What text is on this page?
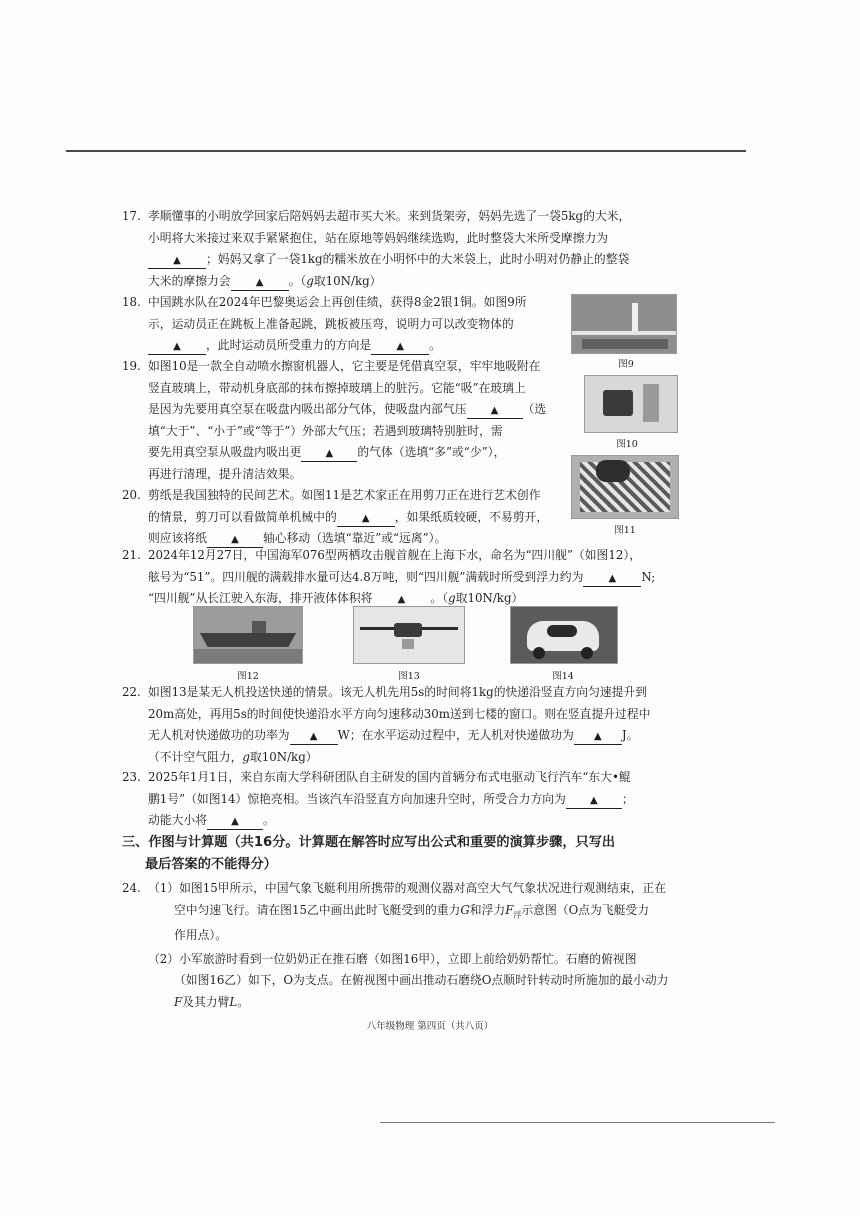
17. 孝顺懂事的小明放学回家后陪妈妈去超市买大米。来到货架旁，妈妈先选了一袋5kg的大米，
小明将大米接过来双手紧紧抱住，站在原地等妈妈继续选购，此时整袋大米所受摩擦力为
▲ ；妈妈又拿了一袋1kg的糯米放在小明怀中的大米袋上，此时小明对仍静止的整袋
大米的摩擦力会	▲ 。（g取10N/kg）
18. 中国跳水队在2024年巴黎奥运会上再创佳绩，获得8金2银1铜。如图9所
示，运动员正在跳板上准备起跳，跳板被压弯，说明力可以改变物体的
▲ ，此时运动员所受重力的方向是	▲ 。
图9
19. 如图10是一款全自动喷水擦窗机器人，它主要是凭借真空泵，牢牢地吸附在
竖直玻璃上，带动机身底部的抹布擦掉玻璃上的脏污。它能“吸”在玻璃上
是因为先要用真空泵在吸盘内吸出部分气体，使吸盘内部气压 ▲ （选
填“大于”、“小于”或“等于”）外部大气压；若遇到玻璃特别脏时，需
要先用真空泵从吸盘内吸出更 ▲ 的气体（选填“多”或“少”），
再进行清理，提升清洁效果。
图10
图11
20. 剪纸是我国独特的民间艺术。如图11是艺术家正在用剪刀正在进行艺术创作
的情景，剪刀可以看做简单机械中的	▲ ，如果纸质较硬，不易剪开，
则应该将纸 ▲ 轴心移动（选填“靠近”或“远离”）。
21. 2024年12月27日，中国海军076型两栖攻击舰首舰在上海下水，命名为“四川舰”（如图12），
舷号为“51”。四川舰的满载排水量可达4.8万吨，则“四川舰”满载时所受到浮力约为	▲ N;
“四川舰”从长江驶入东海，排开液体体积将	▲ 。（g取10N/kg）
图12	图13	图14
22. 如图13是某无人机投送快递的情景。该无人机先用5s的时间将1kg的快递沿竖直方向匀速提升到
20m高处，再用5s的时间使快递沿水平方向匀速移动30m送到七楼的窗口。则在竖直提升过程中
无人机对快递做功的功率为 ▲ W；在水平运动过程中，无人机对快递做功为 ▲ J。
（不计空气阻力，g取10N/kg）
23. 2025年1月1日，来自东南大学科研团队自主研发的国内首辆分布式电驱动飞行汽车“东大•鲲
鹏1号”（如图14）惊艳亮相。当该汽车沿竖直方向加速升空时，所受合力方向为 ▲ ；
动能大小将 ▲ 。
三、作图与计算题（共16分。计算题在解答时应写出公式和重要的演算步骤，只写出
最后答案的不能得分）
24. （1）如图15甲所示，中国气象飞艇利用所携带的观测仪器对高空大气气象状况进行观测结束，正在
空中匀速飞行。请在图15乙中画出此时飞艇受到的重力G和浮力$F_浮$示意图（O点为飞艇受力
作用点）。
（2）小军旅游时看到一位奶奶正在推石磨（如图16甲），立即上前给奶奶帮忙。石磨的俯视图
（如图16乙）如下，O为支点。在俯视图中画出推动石磨绕O点顺时针转动时所施加的最小动力
F及其力臂L。
八年级物理 第四页（共八页）
